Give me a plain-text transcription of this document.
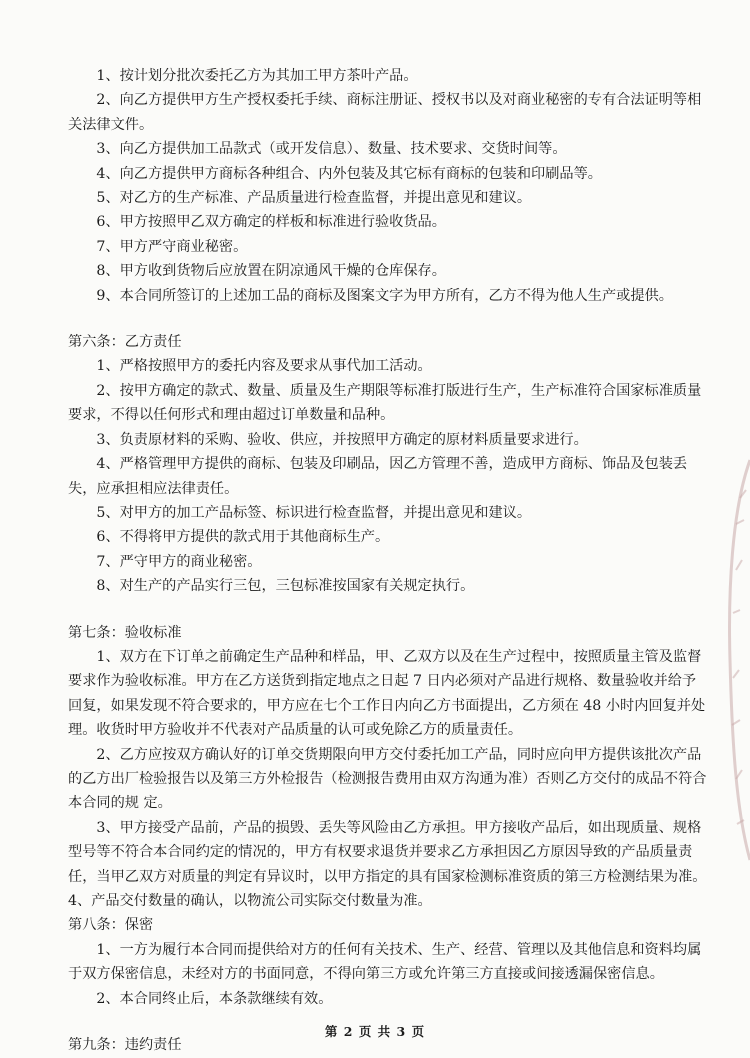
1、按计划分批次委托乙方为其加工甲方茶叶产品。

2、向乙方提供甲方生产授权委托手续、商标注册证、授权书以及对商业秘密的专有合法证明等相关法律文件。

3、向乙方提供加工品款式（或开发信息）、数量、技术要求、交货时间等。

4、向乙方提供甲方商标各种组合、内外包装及其它标有商标的包装和印刷品等。

5、对乙方的生产标准、产品质量进行检查监督，并提出意见和建议。

6、甲方按照甲乙双方确定的样板和标准进行验收货品。

7、甲方严守商业秘密。

8、甲方收到货物后应放置在阴凉通风干燥的仓库保存。

9、本合同所签订的上述加工品的商标及图案文字为甲方所有，乙方不得为他人生产或提供。

第六条：乙方责任

1、严格按照甲方的委托内容及要求从事代加工活动。

2、按甲方确定的款式、数量、质量及生产期限等标准打版进行生产，生产标准符合国家标准质量要求，不得以任何形式和理由超过订单数量和品种。

3、负责原材料的采购、验收、供应，并按照甲方确定的原材料质量要求进行。

4、严格管理甲方提供的商标、包装及印刷品，因乙方管理不善，造成甲方商标、饰品及包装丢失，应承担相应法律责任。

5、对甲方的加工产品标签、标识进行检查监督，并提出意见和建议。

6、不得将甲方提供的款式用于其他商标生产。

7、严守甲方的商业秘密。

8、对生产的产品实行三包，三包标准按国家有关规定执行。

第七条：验收标准

1、双方在下订单之前确定生产品种和样品，甲、乙双方以及在生产过程中，按照质量主管及监督要求作为验收标准。甲方在乙方送货到指定地点之日起 7 日内必须对产品进行规格、数量验收并给予回复，如果发现不符合要求的，甲方应在七个工作日内向乙方书面提出，乙方须在 48 小时内回复并处理。收货时甲方验收并不代表对产品质量的认可或免除乙方的质量责任。

2、乙方应按双方确认好的订单交货期限向甲方交付委托加工产品，同时应向甲方提供该批次产品的乙方出厂检验报告以及第三方外检报告（检测报告费用由双方沟通为准）否则乙方交付的成品不符合本合同的规 定。

3、甲方接受产品前，产品的损毁、丢失等风险由乙方承担。甲方接收产品后，如出现质量、规格型号等不符合本合同约定的情况的，甲方有权要求退货并要求乙方承担因乙方原因导致的产品质量责任，当甲乙双方对质量的判定有异议时，以甲方指定的具有国家检测标准资质的第三方检测结果为准。

4、产品交付数量的确认，以物流公司实际交付数量为准。

第八条：保密

1、一方为履行本合同而提供给对方的任何有关技术、生产、经营、管理以及其他信息和资料均属于双方保密信息，未经对方的书面同意，不得向第三方或允许第三方直接或间接透漏保密信息。

2、本合同终止后，本条款继续有效。

第九条：违约责任

第 2 页 共 3 页
